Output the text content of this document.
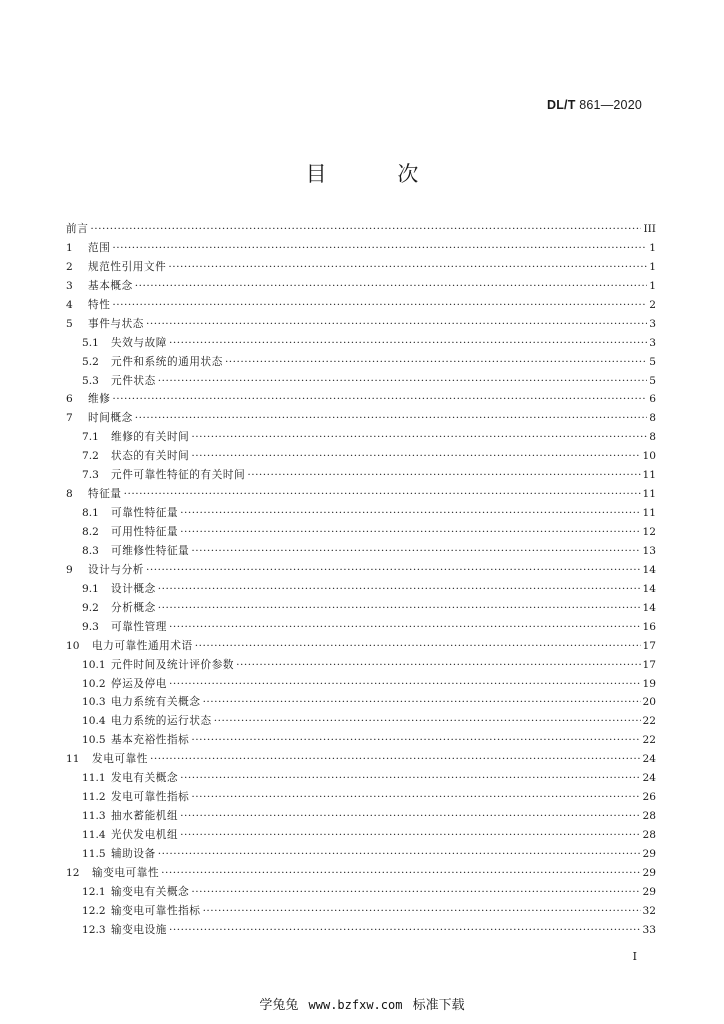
DL/T 861—2020
目 次
前言 ·····	III
1	范围 ·····	1
2	规范性引用文件 ·····	1
3	基本概念 ·····	1
4	特性 ·····	2
5	事件与状态 ·····	3
5.1	失效与故障 ·····	3
5.2	元件和系统的通用状态 ·····	5
5.3	元件状态 ·····	5
6	维修 ·····	6
7	时间概念 ·····	8
7.1	维修的有关时间 ·····	8
7.2	状态的有关时间 ·····	10
7.3	元件可靠性特征的有关时间 ·····	11
8	特征量 ·····	11
8.1	可靠性特征量 ·····	11
8.2	可用性特征量 ·····	12
8.3	可维修性特征量 ·····	13
9	设计与分析 ·····	14
9.1	设计概念 ·····	14
9.2	分析概念 ·····	14
9.3	可靠性管理 ·····	16
10	电力可靠性通用术语 ·····	17
10.1 元件时间及统计评价参数 ·····	17
10.2 停运及停电 ·····	19
10.3 电力系统有关概念 ·····	20
10.4 电力系统的运行状态 ·····	22
10.5 基本充裕性指标 ·····	22
11	发电可靠性 ·····	24
11.1 发电有关概念 ·····	24
11.2 发电可靠性指标 ·····	26
11.3 抽水蓄能机组 ·····	28
11.4 光伏发电机组 ·····	28
11.5 辅助设备 ·····	29
12	输变电可靠性 ·····	29
12.1 输变电有关概念 ·····	29
12.2 输变电可靠性指标 ·····	32
12.3 输变电设施 ·····	33
I
学兔兔 www.bzfxw.com 标准下载
